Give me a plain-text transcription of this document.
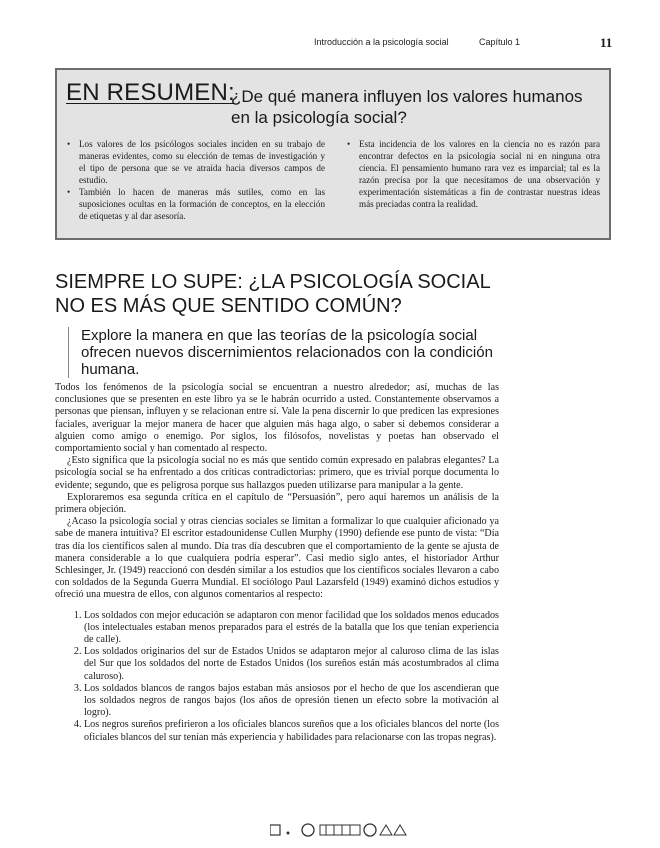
Introducción a la psicología social	Capítulo 1	11
EN RESUMEN:
¿De qué manera influyen los valores humanos en la psicología social?
• Los valores de los psicólogos sociales inciden en su trabajo de maneras evidentes, como su elección de temas de investigación y el tipo de persona que se ve atraída hacia diversos campos de estudio.
• También lo hacen de maneras más sutiles, como en las suposiciones ocultas en la formación de conceptos, en la elección de etiquetas y al dar asesoría.
• Esta incidencia de los valores en la ciencia no es razón para encontrar defectos en la psicología social ni en ninguna otra ciencia. El pensamiento humano rara vez es imparcial; tal es la razón precisa por la que necesitamos de una observación y experimentación sistemáticas a fin de contrastar nuestras ideas más preciadas contra la realidad.
SIEMPRE LO SUPE: ¿LA PSICOLOGÍA SOCIAL NO ES MÁS QUE SENTIDO COMÚN?
Explore la manera en que las teorías de la psicología social ofrecen nuevos discernimientos relacionados con la condición humana.

Todos los fenómenos de la psicología social se encuentran a nuestro alrededor; así, muchas de las conclusiones que se presenten en este libro ya se le habrán ocurrido a usted. Constantemente observamos a personas que piensan, influyen y se relacionan entre sí. Vale la pena discernir lo que predicen las expresiones faciales, averiguar la mejor manera de hacer que alguien más haga algo, o saber si debemos considerar a alguien como amigo o enemigo. Por siglos, los filósofos, novelistas y poetas han observado el comportamiento social y han comentado al respecto.

¿Esto significa que la psicología social no es más que sentido común expresado en palabras elegantes? La psicología social se ha enfrentado a dos críticas contradictorias: primero, que es trivial porque documenta lo evidente; segundo, que es peligrosa porque sus hallazgos pueden utilizarse para manipular a la gente.

Exploraremos esa segunda crítica en el capítulo de “Persuasión”, pero aquí haremos un análisis de la primera objeción.

¿Acaso la psicología social y otras ciencias sociales se limitan a formalizar lo que cualquier aficionado ya sabe de manera intuitiva? El escritor estadounidense Cullen Murphy (1990) defiende ese punto de vista: “Día tras día los científicos salen al mundo. Día tras día descubren que el comportamiento de la gente se ajusta de manera considerable a lo que cualquiera podría esperar”. Casi medio siglo antes, el historiador Arthur Schlesinger, Jr. (1949) reaccionó con desdén similar a los estudios que los científicos sociales llevaron a cabo con soldados de la Segunda Guerra Mundial. El sociólogo Paul Lazarsfeld (1949) examinó dichos estudios y ofreció una muestra de ellos, con algunos comentarios al respecto:

1. Los soldados con mejor educación se adaptaron con menor facilidad que los soldados menos educados (los intelectuales estaban menos preparados para el estrés de la batalla que los que tenían experiencia de calle).
2. Los soldados originarios del sur de Estados Unidos se adaptaron mejor al caluroso clima de las islas del Sur que los soldados del norte de Estados Unidos (los sureños están más acostumbrados al clima caluroso).
3. Los soldados blancos de rangos bajos estaban más ansiosos por el hecho de que los ascendieran que los soldados negros de rangos bajos (los años de opresión tienen un efecto sobre la motivación al logro).
4. Los negros sureños prefirieron a los oficiales blancos sureños que a los oficiales blancos del norte (los oficiales blancos del sur tenían más experiencia y habilidades para relacionarse con las tropas negras).
